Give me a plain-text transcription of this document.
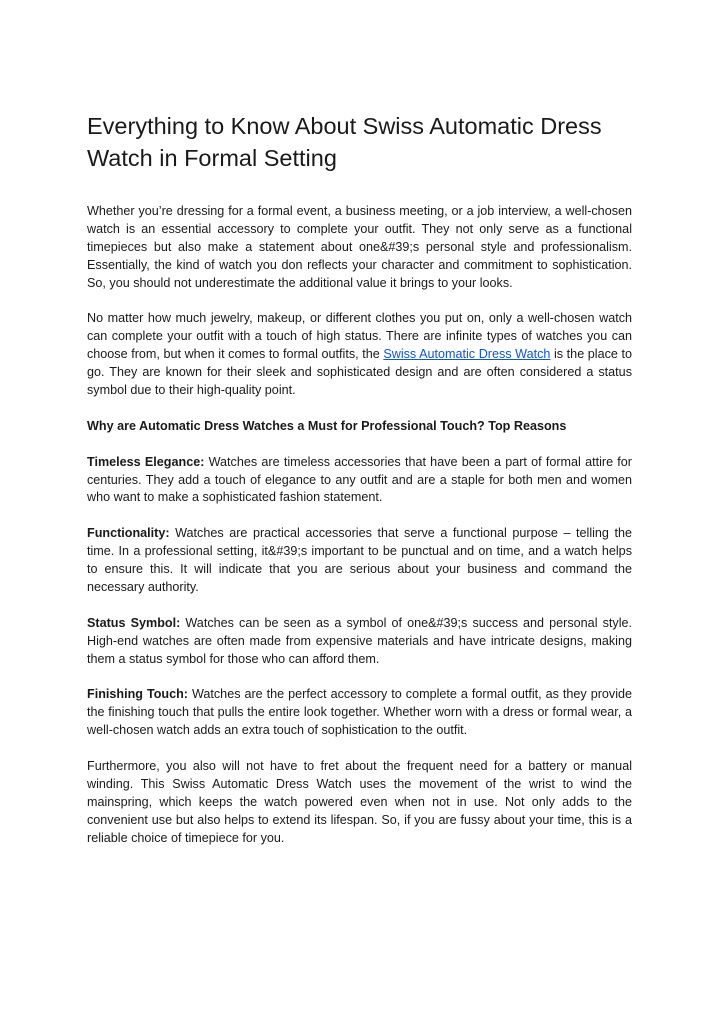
Everything to Know About Swiss Automatic Dress Watch in Formal Setting

Whether you’re dressing for a formal event, a business meeting, or a job interview, a well-chosen watch is an essential accessory to complete your outfit. They not only serve as a functional timepieces but also make a statement about one&#39;s personal style and professionalism. Essentially, the kind of watch you don reflects your character and commitment to sophistication. So, you should not underestimate the additional value it brings to your looks.

No matter how much jewelry, makeup, or different clothes you put on, only a well-chosen watch can complete your outfit with a touch of high status. There are infinite types of watches you can choose from, but when it comes to formal outfits, the Swiss Automatic Dress Watch is the place to go. They are known for their sleek and sophisticated design and are often considered a status symbol due to their high-quality point.

Why are Automatic Dress Watches a Must for Professional Touch? Top Reasons

Timeless Elegance: Watches are timeless accessories that have been a part of formal attire for centuries. They add a touch of elegance to any outfit and are a staple for both men and women who want to make a sophisticated fashion statement.

Functionality: Watches are practical accessories that serve a functional purpose – telling the time. In a professional setting, it&#39;s important to be punctual and on time, and a watch helps to ensure this. It will indicate that you are serious about your business and command the necessary authority.

Status Symbol: Watches can be seen as a symbol of one&#39;s success and personal style. High-end watches are often made from expensive materials and have intricate designs, making them a status symbol for those who can afford them.

Finishing Touch: Watches are the perfect accessory to complete a formal outfit, as they provide the finishing touch that pulls the entire look together. Whether worn with a dress or formal wear, a well-chosen watch adds an extra touch of sophistication to the outfit.

Furthermore, you also will not have to fret about the frequent need for a battery or manual winding. This Swiss Automatic Dress Watch uses the movement of the wrist to wind the mainspring, which keeps the watch powered even when not in use. Not only adds to the convenient use but also helps to extend its lifespan. So, if you are fussy about your time, this is a reliable choice of timepiece for you.
